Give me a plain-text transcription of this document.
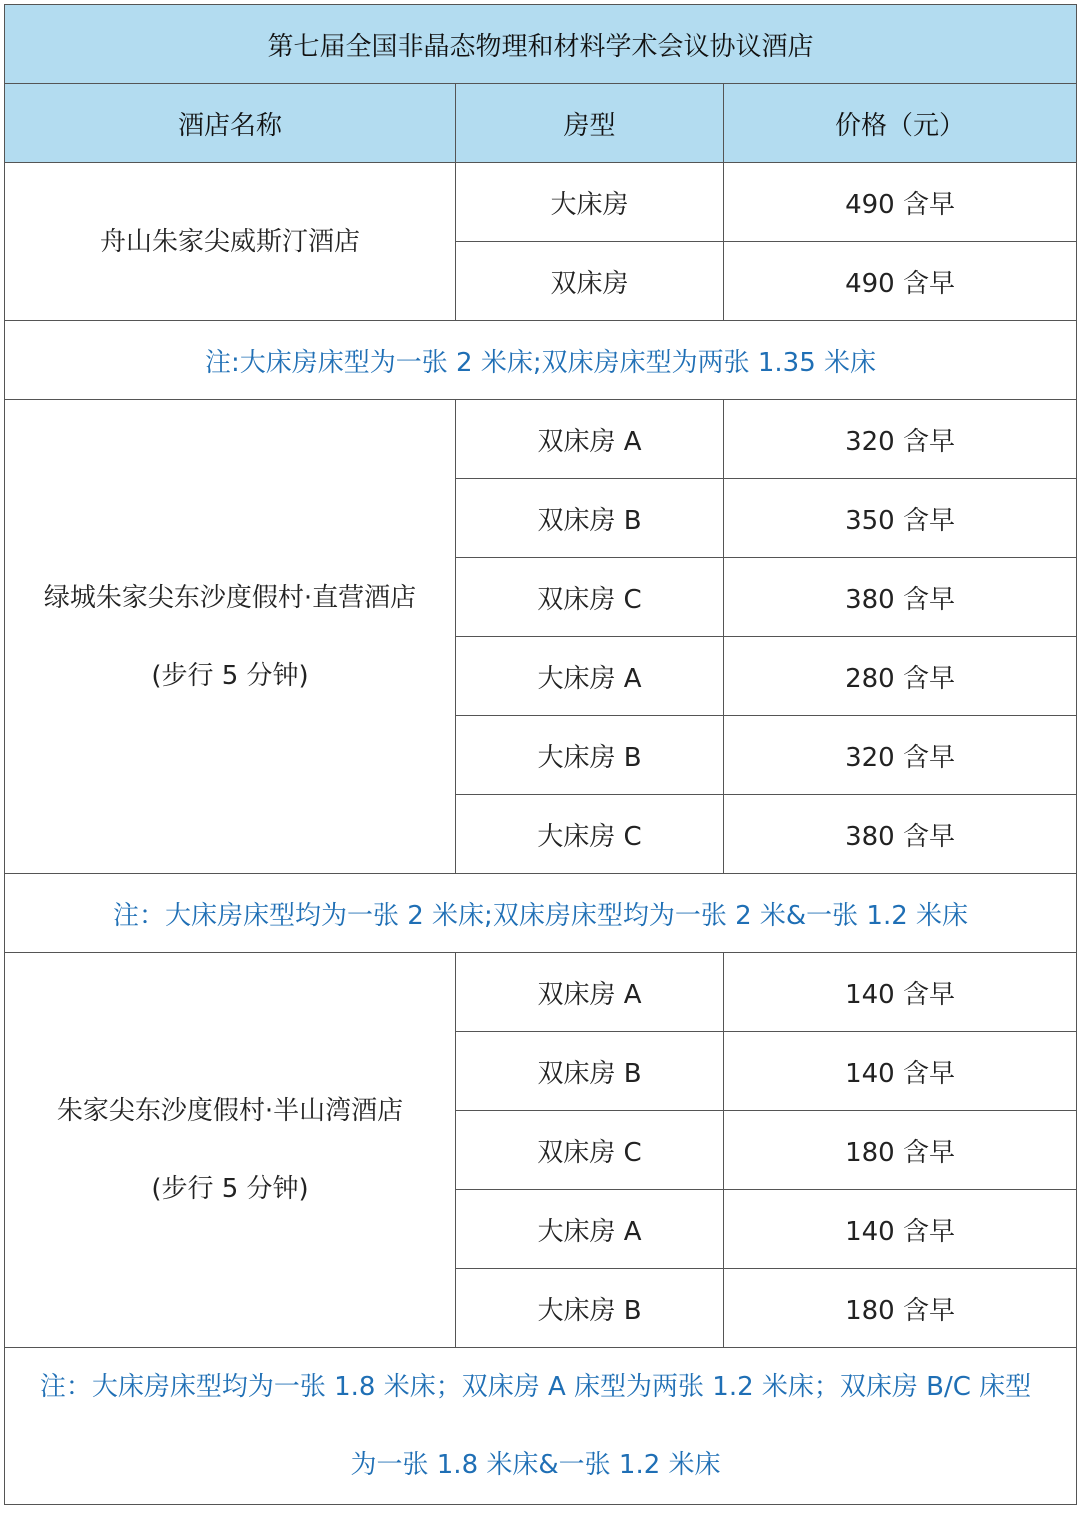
第七届全国非晶态物理和材料学术会议协议酒店		
酒店名称	房型	价格（元）

舟山朱家尖威斯汀酒店	大床房	490 含早
	双床房	490 含早
注:大床房床型为一张 2 米床;双床房床型为两张 1.35 米床		

绿城朱家尖东沙度假村·直营酒店
(步行 5 分钟)	双床房 A	320 含早
	双床房 B	350 含早
	双床房 C	380 含早
	大床房 A	280 含早
	大床房 B	320 含早
	大床房 C	380 含早
注：大床房床型均为一张 2 米床;双床房床型均为一张 2 米&一张 1.2 米床		

朱家尖东沙度假村·半山湾酒店
(步行 5 分钟)	双床房 A	140 含早
	双床房 B	140 含早
	双床房 C	180 含早
	大床房 A	140 含早
	大床房 B	180 含早

注：大床房床型均为一张 1.8 米床；双床房 A 床型为两张 1.2 米床；双床房 B/C 床型
为一张 1.8 米床&一张 1.2 米床		
